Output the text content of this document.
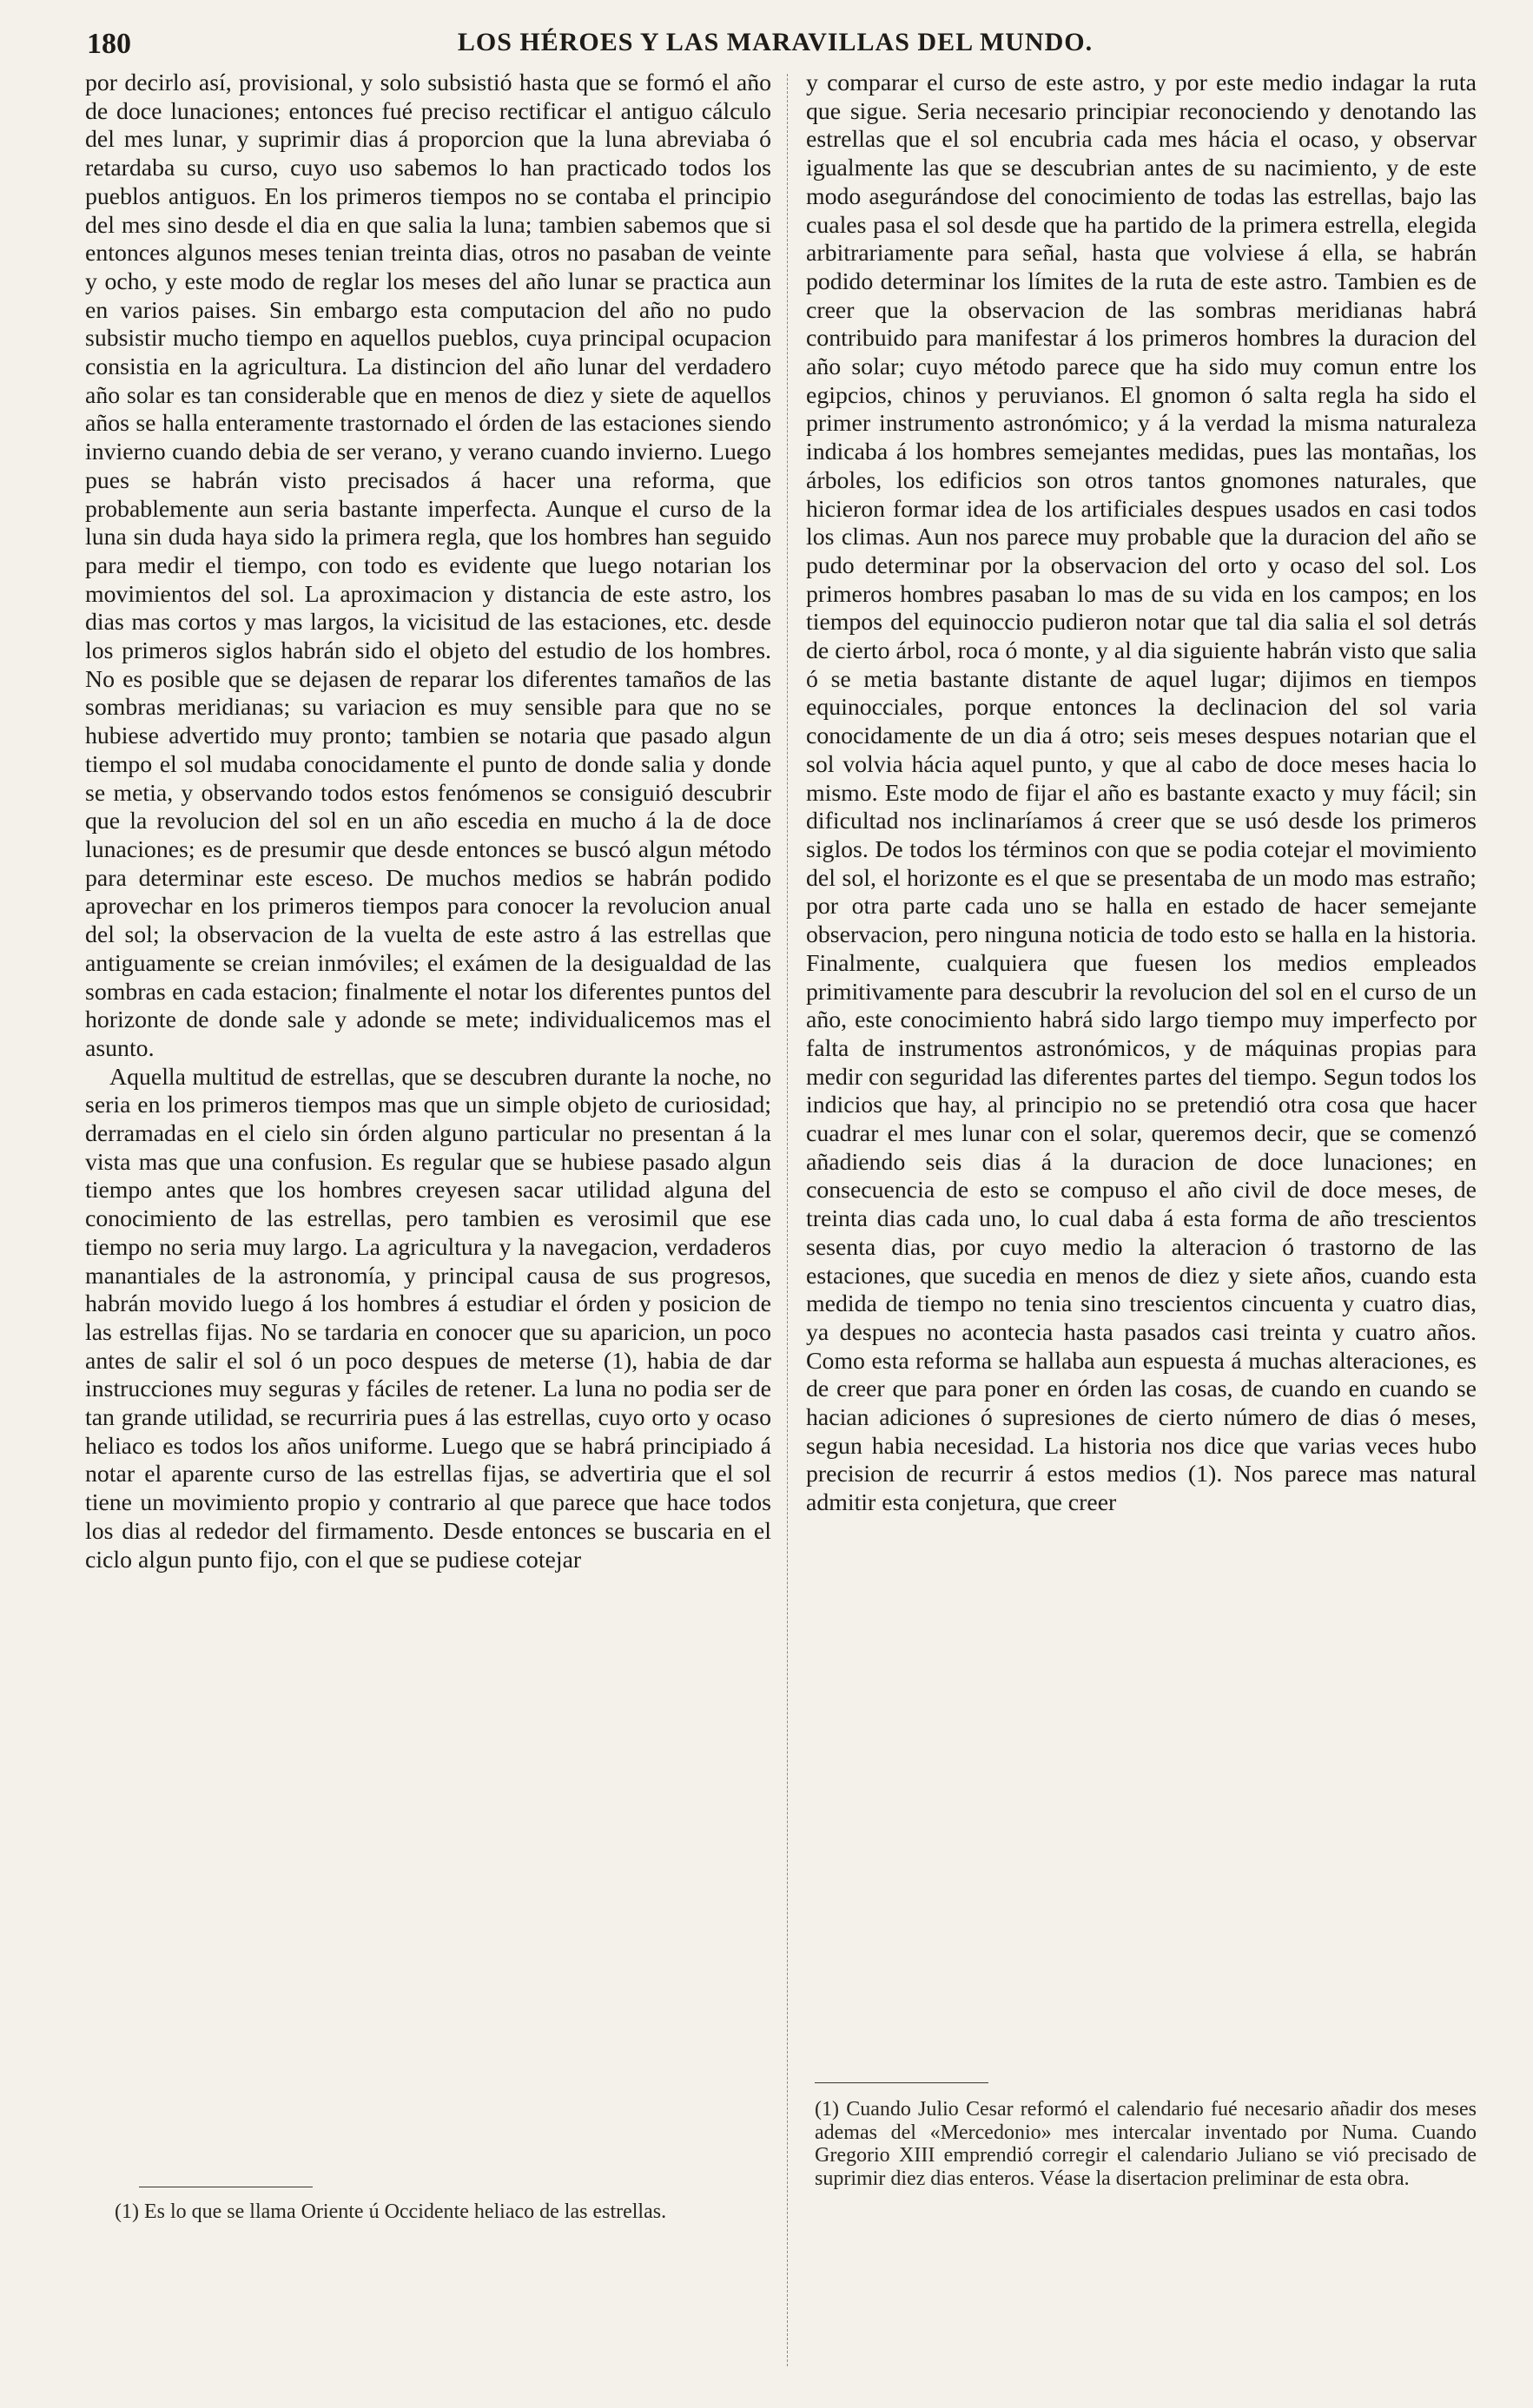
180	LOS HÉROES Y LAS MARAVILLAS DEL MUNDO.

por decirlo así, provisional, y solo subsistió hasta que se formó el año de doce lunaciones; entonces fué preciso rectificar el antiguo cálculo del mes lunar, y suprimir dias á proporcion que la luna abreviaba ó retardaba su curso, cuyo uso sabemos lo han practicado todos los pueblos antiguos. En los primeros tiempos no se contaba el principio del mes sino desde el dia en que salia la luna; tambien sabemos que si entonces algunos meses tenian treinta dias, otros no pasaban de veinte y ocho, y este modo de reglar los meses del año lunar se practica aun en varios paises. Sin embargo esta computacion del año no pudo subsistir mucho tiempo en aquellos pueblos, cuya principal ocupacion consistia en la agricultura. La distincion del año lunar del verdadero año solar es tan considerable que en menos de diez y siete de aquellos años se halla enteramente trastornado el órden de las estaciones siendo invierno cuando debia de ser verano, y verano cuando invierno. Luego pues se habrán visto precisados á hacer una reforma, que probablemente aun seria bastante imperfecta. Aunque el curso de la luna sin duda haya sido la primera regla, que los hombres han seguido para medir el tiempo, con todo es evidente que luego notarian los movimientos del sol. La aproximacion y distancia de este astro, los dias mas cortos y mas largos, la vicisitud de las estaciones, etc. desde los primeros siglos habrán sido el objeto del estudio de los hombres. No es posible que se dejasen de reparar los diferentes tamaños de las sombras meridianas; su variacion es muy sensible para que no se hubiese advertido muy pronto; tambien se notaria que pasado algun tiempo el sol mudaba conocidamente el punto de donde salia y donde se metia, y observando todos estos fenómenos se consiguió descubrir que la revolucion del sol en un año escedia en mucho á la de doce lunaciones; es de presumir que desde entonces se buscó algun método para determinar este esceso. De muchos medios se habrán podido aprovechar en los primeros tiempos para conocer la revolucion anual del sol; la observacion de la vuelta de este astro á las estrellas que antiguamente se creian inmóviles; el exámen de la desigualdad de las sombras en cada estacion; finalmente el notar los diferentes puntos del horizonte de donde sale y adonde se mete; individualicemos mas el asunto.

Aquella multitud de estrellas, que se descubren durante la noche, no seria en los primeros tiempos mas que un simple objeto de curiosidad; derramadas en el cielo sin órden alguno particular no presentan á la vista mas que una confusion. Es regular que se hubiese pasado algun tiempo antes que los hombres creyesen sacar utilidad alguna del conocimiento de las estrellas, pero tambien es verosimil que ese tiempo no seria muy largo. La agricultura y la navegacion, verdaderos manantiales de la astronomía, y principal causa de sus progresos, habrán movido luego á los hombres á estudiar el órden y posicion de las estrellas fijas. No se tardaria en conocer que su aparicion, un poco antes de salir el sol ó un poco despues de meterse (1), habia de dar instrucciones muy seguras y fáciles de retener. La luna no podia ser de tan grande utilidad, se recurriria pues á las estrellas, cuyo orto y ocaso heliaco es todos los años uniforme. Luego que se habrá principiado á notar el aparente curso de las estrellas fijas, se advertiria que el sol tiene un movimiento propio y contrario al que parece que hace todos los dias al rededor del firmamento. Desde entonces se buscaria en el ciclo algun punto fijo, con el que se pudiese cotejar

y comparar el curso de este astro, y por este medio indagar la ruta que sigue. Seria necesario principiar reconociendo y denotando las estrellas que el sol encubria cada mes hácia el ocaso, y observar igualmente las que se descubrian antes de su nacimiento, y de este modo asegurándose del conocimiento de todas las estrellas, bajo las cuales pasa el sol desde que ha partido de la primera estrella, elegida arbitrariamente para señal, hasta que volviese á ella, se habrán podido determinar los límites de la ruta de este astro. Tambien es de creer que la observacion de las sombras meridianas habrá contribuido para manifestar á los primeros hombres la duracion del año solar; cuyo método parece que ha sido muy comun entre los egipcios, chinos y peruvianos. El gnomon ó salta regla ha sido el primer instrumento astronómico; y á la verdad la misma naturaleza indicaba á los hombres semejantes medidas, pues las montañas, los árboles, los edificios son otros tantos gnomones naturales, que hicieron formar idea de los artificiales despues usados en casi todos los climas. Aun nos parece muy probable que la duracion del año se pudo determinar por la observacion del orto y ocaso del sol. Los primeros hombres pasaban lo mas de su vida en los campos; en los tiempos del equinoccio pudieron notar que tal dia salia el sol detrás de cierto árbol, roca ó monte, y al dia siguiente habrán visto que salia ó se metia bastante distante de aquel lugar; dijimos en tiempos equinocciales, porque entonces la declinacion del sol varia conocidamente de un dia á otro; seis meses despues notarian que el sol volvia hácia aquel punto, y que al cabo de doce meses hacia lo mismo. Este modo de fijar el año es bastante exacto y muy fácil; sin dificultad nos inclinaríamos á creer que se usó desde los primeros siglos. De todos los términos con que se podia cotejar el movimiento del sol, el horizonte es el que se presentaba de un modo mas estraño; por otra parte cada uno se halla en estado de hacer semejante observacion, pero ninguna noticia de todo esto se halla en la historia. Finalmente, cualquiera que fuesen los medios empleados primitivamente para descubrir la revolucion del sol en el curso de un año, este conocimiento habrá sido largo tiempo muy imperfecto por falta de instrumentos astronómicos, y de máquinas propias para medir con seguridad las diferentes partes del tiempo. Segun todos los indicios que hay, al principio no se pretendió otra cosa que hacer cuadrar el mes lunar con el solar, queremos decir, que se comenzó añadiendo seis dias á la duracion de doce lunaciones; en consecuencia de esto se compuso el año civil de doce meses, de treinta dias cada uno, lo cual daba á esta forma de año trescientos sesenta dias, por cuyo medio la alteracion ó trastorno de las estaciones, que sucedia en menos de diez y siete años, cuando esta medida de tiempo no tenia sino trescientos cincuenta y cuatro dias, ya despues no acontecia hasta pasados casi treinta y cuatro años. Como esta reforma se hallaba aun espuesta á muchas alteraciones, es de creer que para poner en órden las cosas, de cuando en cuando se hacian adiciones ó supresiones de cierto número de dias ó meses, segun habia necesidad. La historia nos dice que varias veces hubo precision de recurrir á estos medios (1). Nos parece mas natural admitir esta conjetura, que creer

(1) Es lo que se llama Oriente ú Occidente heliaco de las estrellas.
(1) Cuando Julio Cesar reformó el calendario fué necesario añadir dos meses ademas del «Mercedonio» mes intercalar inventado por Numa. Cuando Gregorio XIII emprendió corregir el calendario Juliano se vió precisado de suprimir diez dias enteros. Véase la disertacion preliminar de esta obra.
